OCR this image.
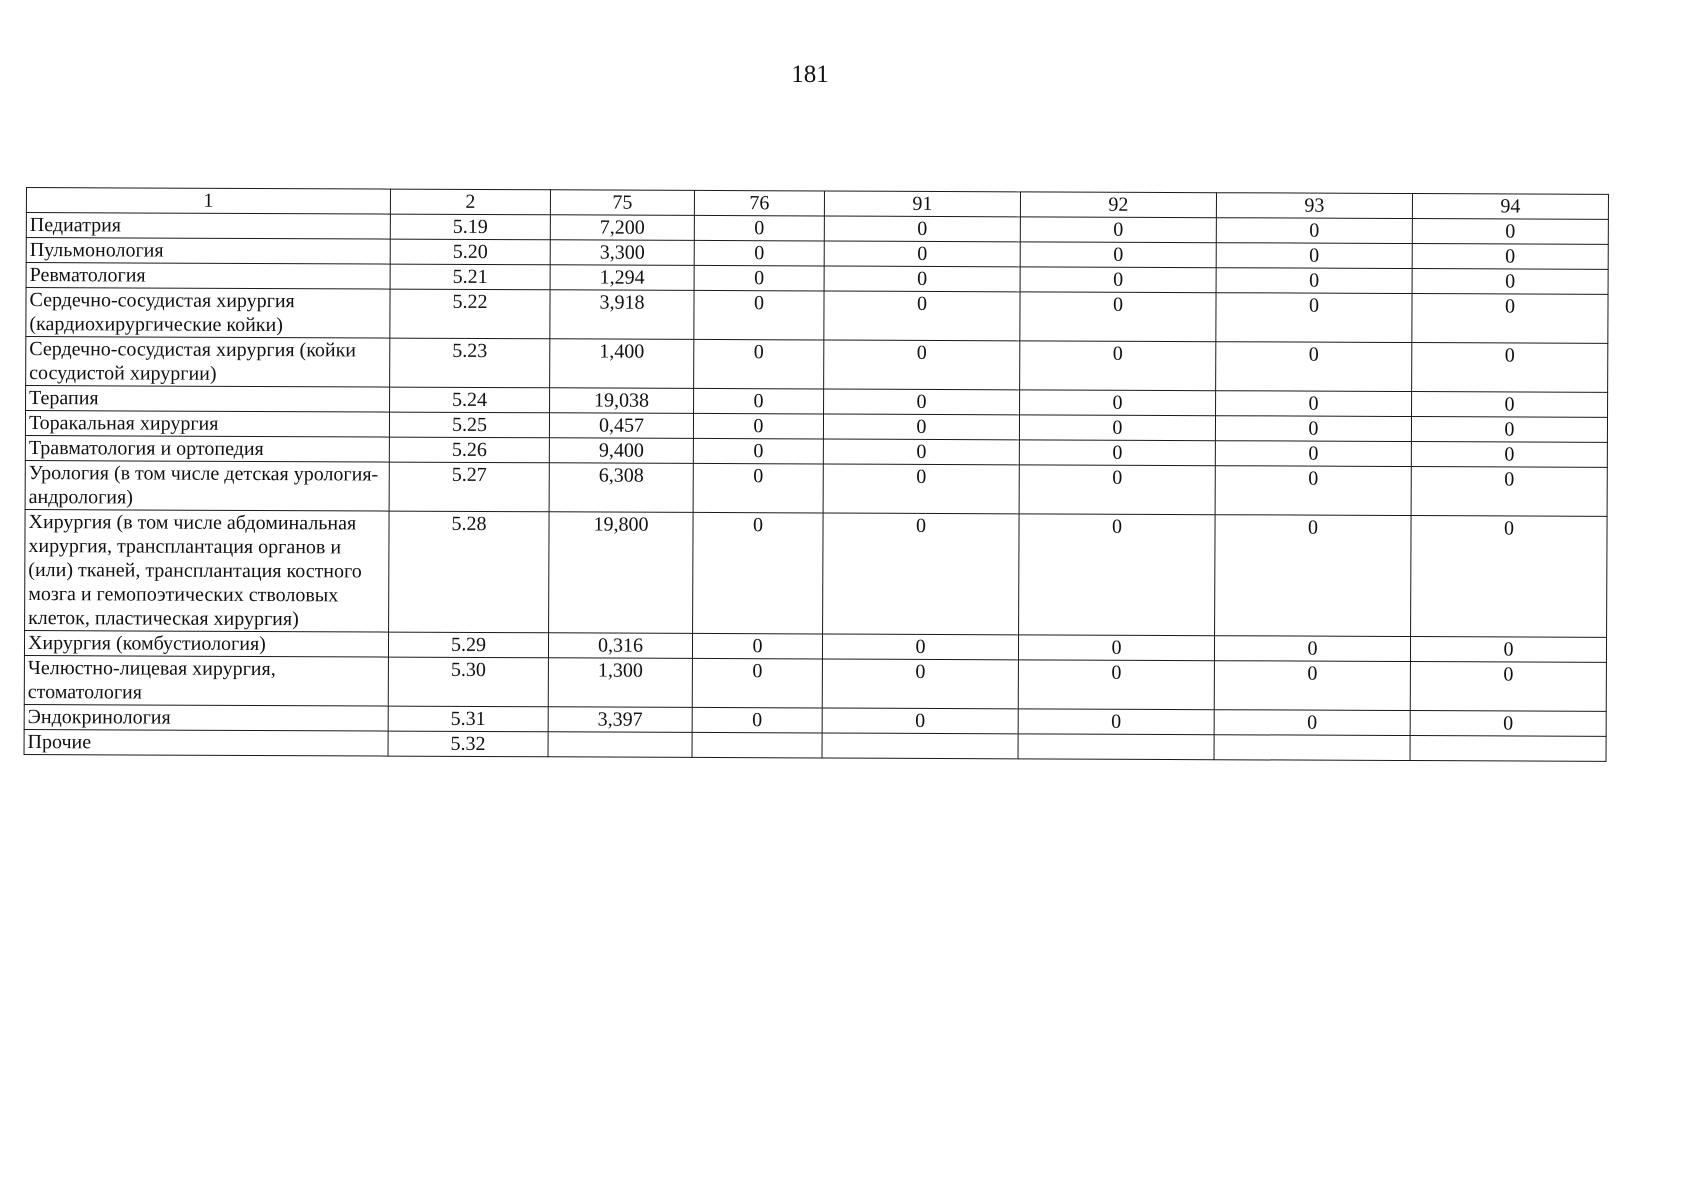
181
1	2	75	76	91	92	93	94
Педиатрия	5.19	7,200	0	0	0	0	0
Пульмонология	5.20	3,300	0	0	0	0	0
Ревматология	5.21	1,294	0	0	0	0	0
Сердечно-сосудистая хирургия (кардиохирургические койки)	5.22	3,918	0	0	0	0	0
Сердечно-сосудистая хирургия (койки сосудистой хирургии)	5.23	1,400	0	0	0	0	0
Терапия	5.24	19,038	0	0	0	0	0
Торакальная хирургия	5.25	0,457	0	0	0	0	0
Травматология и ортопедия	5.26	9,400	0	0	0	0	0
Урология (в том числе детская урология-андрология)	5.27	6,308	0	0	0	0	0
Хирургия (в том числе абдоминальная хирургия, трансплантация органов и (или) тканей, трансплантация костного мозга и гемопоэтических стволовых клеток, пластическая хирургия)	5.28	19,800	0	0	0	0	0
Хирургия (комбустиология)	5.29	0,316	0	0	0	0	0
Челюстно-лицевая хирургия, стоматология	5.30	1,300	0	0	0	0	0
Эндокринология	5.31	3,397	0	0	0	0	0
Прочие	5.32						
